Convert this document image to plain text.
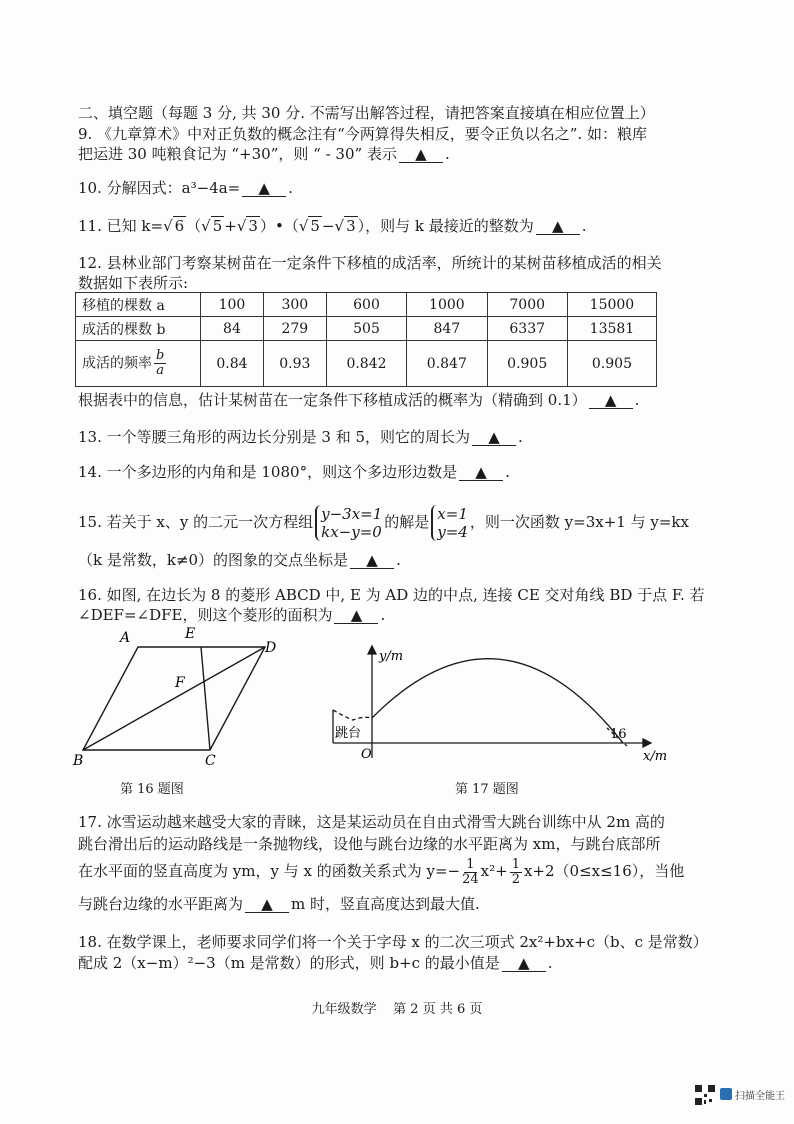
二、填空题（每题 3 分, 共 30 分. 不需写出解答过程，请把答案直接填在相应位置上）
9. 《九章算术》中对正负数的概念注有“今两算得失相反，要令正负以名之”. 如：粮库
把运进 30 吨粮食记为 “+30”，则 “ - 30” 表示 ▲ .
10. 分解因式：a³−4a= ▲ .
11. 已知 k=√ 6 （√ 5 +√ 3 ）•（√ 5 −√ 3 ），则与 k 最接近的整数为 ▲ .
12. 县林业部门考察某树苗在一定条件下移植的成活率，所统计的某树苗移植成活的相关
数据如下表所示:
移植的棵数 a	100	300	600	1000	7000	15000
成活的棵数 b	84	279	505	847	6337	13581
成活的频率 $\frac{b}{a}$	0.84	0.93	0.842	0.847	0.905	0.905
根据表中的信息，估计某树苗在一定条件下移植成活的概率为（精确到 0.1） ▲ .
13. 一个等腰三角形的两边长分别是 3 和 5，则它的周长为 ▲ .
14. 一个多边形的内角和是 1080°，则这个多边形边数是 ▲ .
15. 若关于 x、y 的二元一次方程组 y−3x=1
kx−y=0的解是 x=1
y=4，则一次函数 y=3x+1 与 y=kx
（k 是常数，k≠0）的图象的交点坐标是 ▲ .
16. 如图, 在边长为 8 的菱形 ABCD 中, E 为 AD 边的中点, 连接 CE 交对角线 BD 于点 F. 若
∠DEF=∠DFE，则这个菱形的面积为 ▲ .
A	E
D
F
B	C
第 16 题图
y/m
x/m
O
跳台	16
第 17 题图
17. 冰雪运动越来越受大家的青睐，这是某运动员在自由式滑雪大跳台训练中从 2m 高的
跳台滑出后的运动路线是一条抛物线，设他与跳台边缘的水平距离为 xm，与跳台底部所
在水平面的竖直高度为 ym，y 与 x 的函数关系式为 $y=- \frac{1}{24} x^2+ \frac{1}{2} x+2(0\le x\le 16)$，当他
与跳台边缘的水平距离为 ▲ m 时，竖直高度达到最大值.
18. 在数学课上，老师要求同学们将一个关于字母 x 的二次三项式 2x²+bx+c（b、c 是常数）
配成 2（x−m）²−3（m 是常数）的形式，则 b+c 的最小值是 ▲ .
九年级数学    第 2 页 共 6 页
扫描全能王
